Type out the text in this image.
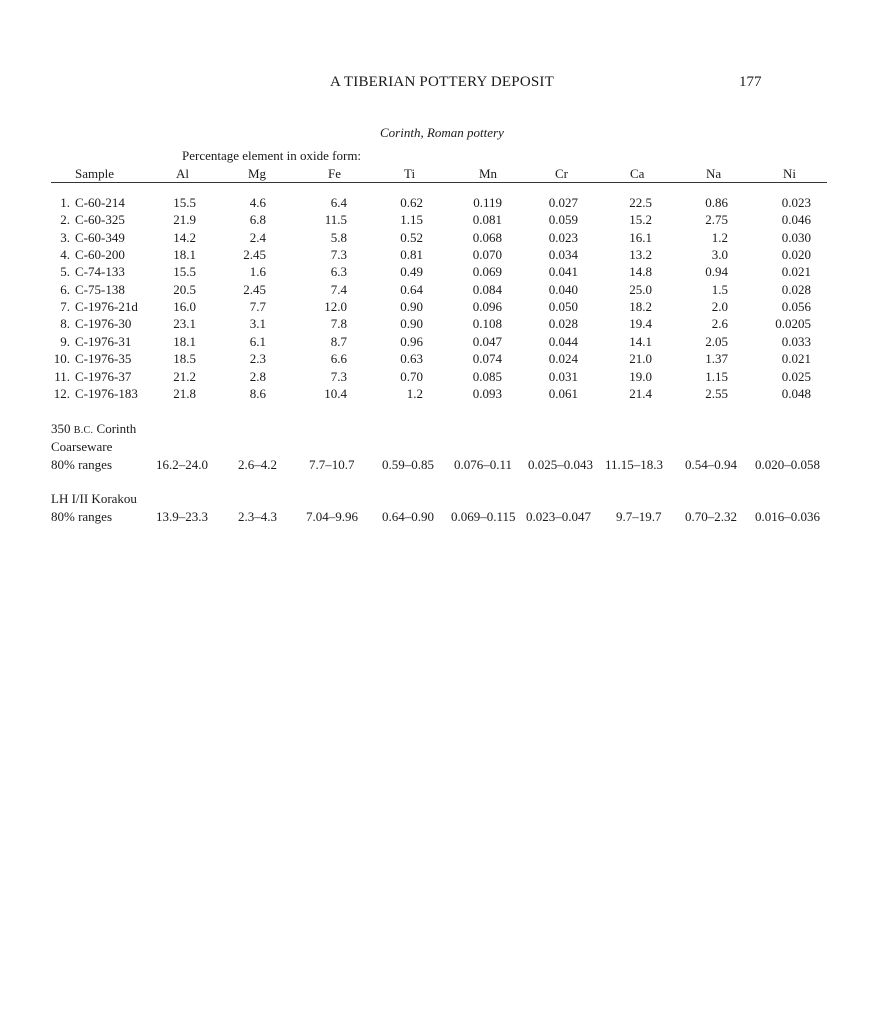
A TIBERIAN POTTERY DEPOSIT	177
Corinth, Roman pottery
Percentage element in oxide form:
Sample	Al	Mg	Fe	Ti	Mn	Cr	Ca	Na	Ni
1. C-60-214	15.5	4.6	6.4	0.62	0.119	0.027	22.5	0.86	0.023
2. C-60-325	21.9	6.8	11.5	1.15	0.081	0.059	15.2	2.75	0.046
3. C-60-349	14.2	2.4	5.8	0.52	0.068	0.023	16.1	1.2	0.030
4. C-60-200	18.1	2.45	7.3	0.81	0.070	0.034	13.2	3.0	0.020
5. C-74-133	15.5	1.6	6.3	0.49	0.069	0.041	14.8	0.94	0.021
6. C-75-138	20.5	2.45	7.4	0.64	0.084	0.040	25.0	1.5	0.028
7. C-1976-21d	16.0	7.7	12.0	0.90	0.096	0.050	18.2	2.0	0.056
8. C-1976-30	23.1	3.1	7.8	0.90	0.108	0.028	19.4	2.6	0.0205
9. C-1976-31	18.1	6.1	8.7	0.96	0.047	0.044	14.1	2.05	0.033
10. C-1976-35	18.5	2.3	6.6	0.63	0.074	0.024	21.0	1.37	0.021
11. C-1976-37	21.2	2.8	7.3	0.70	0.085	0.031	19.0	1.15	0.025
12. C-1976-183	21.8	8.6	10.4	1.2	0.093	0.061	21.4	2.55	0.048
350 B.C. Corinth
Coarseware
80% ranges	16.2–24.0 2.6–4.2 7.7–10.7 0.59–0.85 0.076–0.11 0.025–0.043 11.15–18.3 0.54–0.94 0.020–0.058
LH I/II Korakou
80% ranges	13.9–23.3 2.3–4.3 7.04–9.96 0.64–0.90 0.069–0.115 0.023–0.047 9.7–19.7 0.70–2.32 0.016–0.036
